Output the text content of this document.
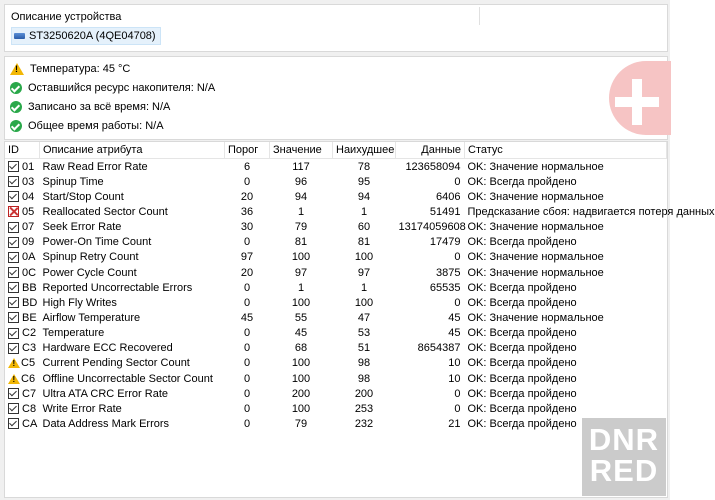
Описание устройства
ST3250620A (4QE04708)
!
Температура: 45 °C
Оставшийся ресурс накопителя: N/A
Записано за всё время: N/A
Общее время работы: N/A
ID	Описание атрибута	Порог	Значение	Наихудшее	Данные	Статус

01	Raw Read Error Rate	6	117	78	123658094	OK: Значение нормальное

03	Spinup Time	0	96	95	0	OK: Всегда пройдено

04	Start/Stop Count	20	94	94	6406	OK: Значение нормальное

05	Reallocated Sector Count	36	1	1	51491	Предсказание сбоя: надвигается потеря данных

07	Seek Error Rate	30	79	60	13174059608	OK: Значение нормальное

09	Power-On Time Count	0	81	81	17479	OK: Всегда пройдено

0A	Spinup Retry Count	97	100	100	0	OK: Значение нормальное

0C	Power Cycle Count	20	97	97	3875	OK: Значение нормальное

BB	Reported Uncorrectable Errors	0	1	1	65535	OK: Всегда пройдено

BD	High Fly Writes	0	100	100	0	OK: Всегда пройдено

BE	Airflow Temperature	45	55	47	45	OK: Значение нормальное

C2	Temperature	0	45	53	45	OK: Всегда пройдено

C3	Hardware ECC Recovered	0	68	51	8654387	OK: Всегда пройдено

!
C5	Current Pending Sector Count	0	100	98	10	OK: Всегда пройдено

!
C6	Offline Uncorrectable Sector Count	0	100	98	10	OK: Всегда пройдено

C7	Ultra ATA CRC Error Rate	0	200	200	0	OK: Всегда пройдено

C8	Write Error Rate	0	100	253	0	OK: Всегда пройдено

CA	Data Address Mark Errors	0	79	232	21	OK: Всегда пройдено DNR
RED
